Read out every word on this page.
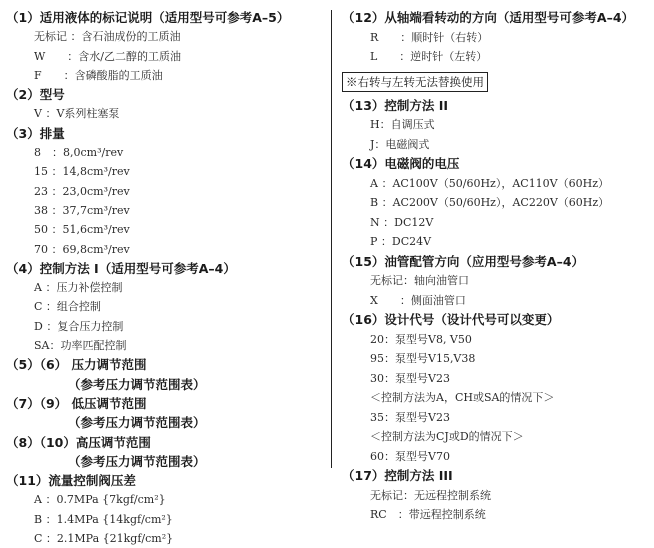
（1）适用液体的标记说明（适用型号可参考A–5）
无标记 ：含石油成份的工质油
W　　：含水/乙二醇的工质油
F　　：含磷酸脂的工质油
（2）型号
V ：V系列柱塞泵
（3）排量
8　：8,0cm³/rev
15 ：14,8cm³/rev
23 ：23,0cm³/rev
38 ：37,7cm³/rev
50 ：51,6cm³/rev
70 ：69,8cm³/rev
（4）控制方法 I（适用型号可参考A–4）
A ：压力补偿控制
C ：组合控制
D ：复合压力控制
SA：功率匹配控制
（5）（6） 压力调节范围
（参考压力调节范围表）
（7）（9） 低压调节范围
（参考压力调节范围表）
（8）（10）高压调节范围
（参考压力调节范围表）
（11）流量控制阀压差
A ：0.7MPa {7kgf/cm²}
B ：1.4MPa {14kgf/cm²}
C ：2.1MPa {21kgf/cm²}
（12）从轴端看转动的方向（适用型号可参考A–4）
R　　：顺时针（右转）
L　　：逆时针（左转）
※右转与左转无法替换使用
（13）控制方法 II
H：自调压式
J：电磁阀式
（14）电磁阀的电压
A ：AC100V（50/60Hz），AC110V（60Hz）
B ：AC200V（50/60Hz），AC220V（60Hz）
N ：DC12V
P ：DC24V
（15）油管配管方向（应用型号参考A–4）
无标记：轴向油管口
X　　：侧面油管口
（16）设计代号（设计代号可以变更）
20：泵型号V8, V50
95：泵型号V15,V38
30：泵型号V23
＜控制方法为A，CH或SA的情况下＞
35：泵型号V23
＜控制方法为CJ或D的情况下＞
60：泵型号V70
（17）控制方法 III
无标记：无远程控制系统
RC　：带远程控制系统
